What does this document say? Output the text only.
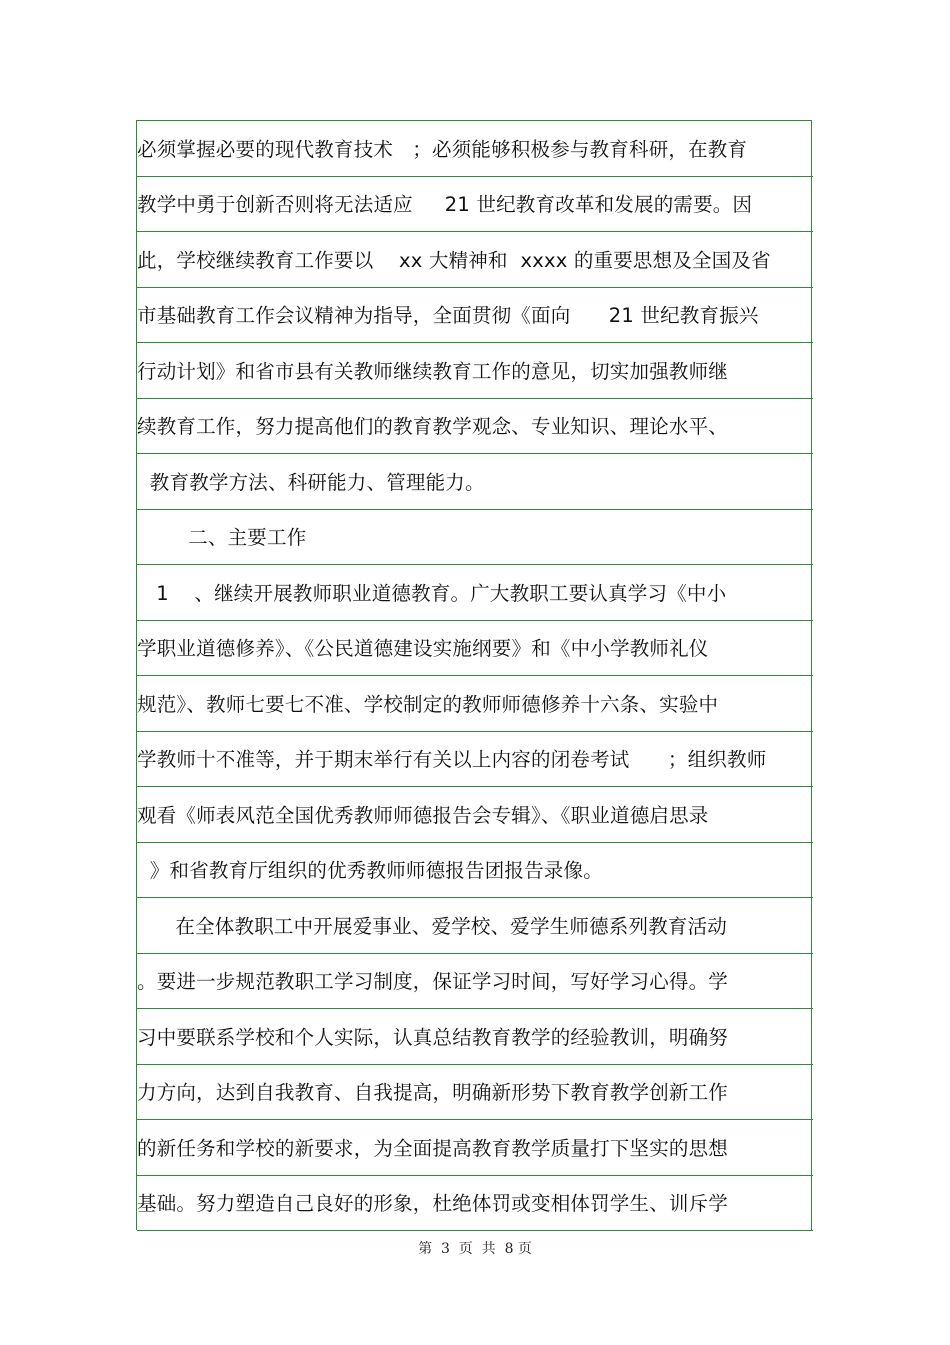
必须掌握必要的现代教育技术   ；必须能够积极参与教育科研，在教育
教学中勇于创新否则将无法适应     21 世纪教育改革和发展的需要。因
此，学校继续教育工作要以    xx 大精神和  xxxx 的重要思想及全国及省
市基础教育工作会议精神为指导，全面贯彻《面向      21 世纪教育振兴
行动计划》和省市县有关教师继续教育工作的意见，切实加强教师继
续教育工作，努力提高他们的教育教学观念、专业知识、理论水平、
教育教学方法、科研能力、管理能力。
二、主要工作
1    、继续开展教师职业道德教育。广大教职工要认真学习《中小
学职业道德修养》、《公民道德建设实施纲要》和《中小学教师礼仪
规范》、教师七要七不准、学校制定的教师师德修养十六条、实验中
学教师十不准等，并于期末举行有关以上内容的闭卷考试      ；组织教师
观看《师表风范全国优秀教师师德报告会专辑》、《职业道德启思录
》和省教育厅组织的优秀教师师德报告团报告录像。
在全体教职工中开展爱事业、爱学校、爱学生师德系列教育活动
。要进一步规范教职工学习制度，保证学习时间，写好学习心得。学
习中要联系学校和个人实际，认真总结教育教学的经验教训，明确努
力方向，达到自我教育、自我提高，明确新形势下教育教学创新工作
的新任务和学校的新要求，为全面提高教育教学质量打下坚实的思想
基础。努力塑造自己良好的形象，杜绝体罚或变相体罚学生、训斥学
第  3  页  共  8 页
